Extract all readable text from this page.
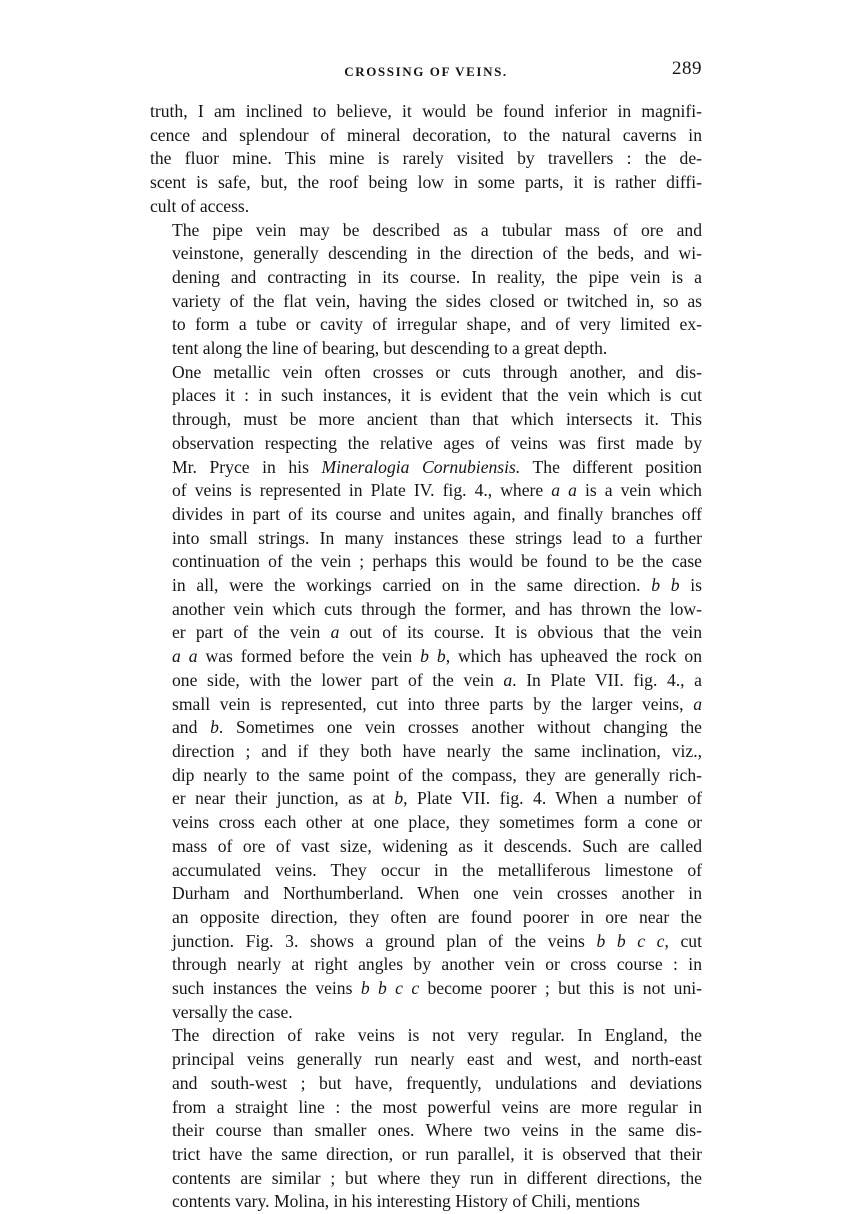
CROSSING OF VEINS.	289

truth, I am inclined to believe, it would be found inferior in magnifi-
cence and splendour of mineral decoration, to the natural caverns in
the fluor mine. This mine is rarely visited by travellers : the de-
scent is safe, but, the roof being low in some parts, it is rather diffi-
cult of access.

The pipe vein may be described as a tubular mass of ore and
veinstone, generally descending in the direction of the beds, and wi-
dening and contracting in its course. In reality, the pipe vein is a
variety of the flat vein, having the sides closed or twitched in, so as
to form a tube or cavity of irregular shape, and of very limited ex-
tent along the line of bearing, but descending to a great depth.

One metallic vein often crosses or cuts through another, and dis-
places it : in such instances, it is evident that the vein which is cut
through, must be more ancient than that which intersects it. This
observation respecting the relative ages of veins was first made by
Mr. Pryce in his Mineralogia Cornubiensis. The different position
of veins is represented in Plate IV. fig. 4., where a a is a vein which
divides in part of its course and unites again, and finally branches off
into small strings. In many instances these strings lead to a further
continuation of the vein ; perhaps this would be found to be the case
in all, were the workings carried on in the same direction. b b is
another vein which cuts through the former, and has thrown the low-
er part of the vein a out of its course. It is obvious that the vein
a a was formed before the vein b b, which has upheaved the rock on
one side, with the lower part of the vein a. In Plate VII. fig. 4., a
small vein is represented, cut into three parts by the larger veins, a
and b. Sometimes one vein crosses another without changing the
direction ; and if they both have nearly the same inclination, viz.,
dip nearly to the same point of the compass, they are generally rich-
er near their junction, as at b, Plate VII. fig. 4. When a number of
veins cross each other at one place, they sometimes form a cone or
mass of ore of vast size, widening as it descends. Such are called
accumulated veins. They occur in the metalliferous limestone of
Durham and Northumberland. When one vein crosses another in
an opposite direction, they often are found poorer in ore near the
junction. Fig. 3. shows a ground plan of the veins b b c c, cut
through nearly at right angles by another vein or cross course : in
such instances the veins b b c c become poorer ; but this is not uni-
versally the case.

The direction of rake veins is not very regular. In England, the
principal veins generally run nearly east and west, and north-east
and south-west ; but have, frequently, undulations and deviations
from a straight line : the most powerful veins are more regular in
their course than smaller ones. Where two veins in the same dis-
trict have the same direction, or run parallel, it is observed that their
contents are similar ; but where they run in different directions, the
contents vary. Molina, in his interesting History of Chili, mentions
